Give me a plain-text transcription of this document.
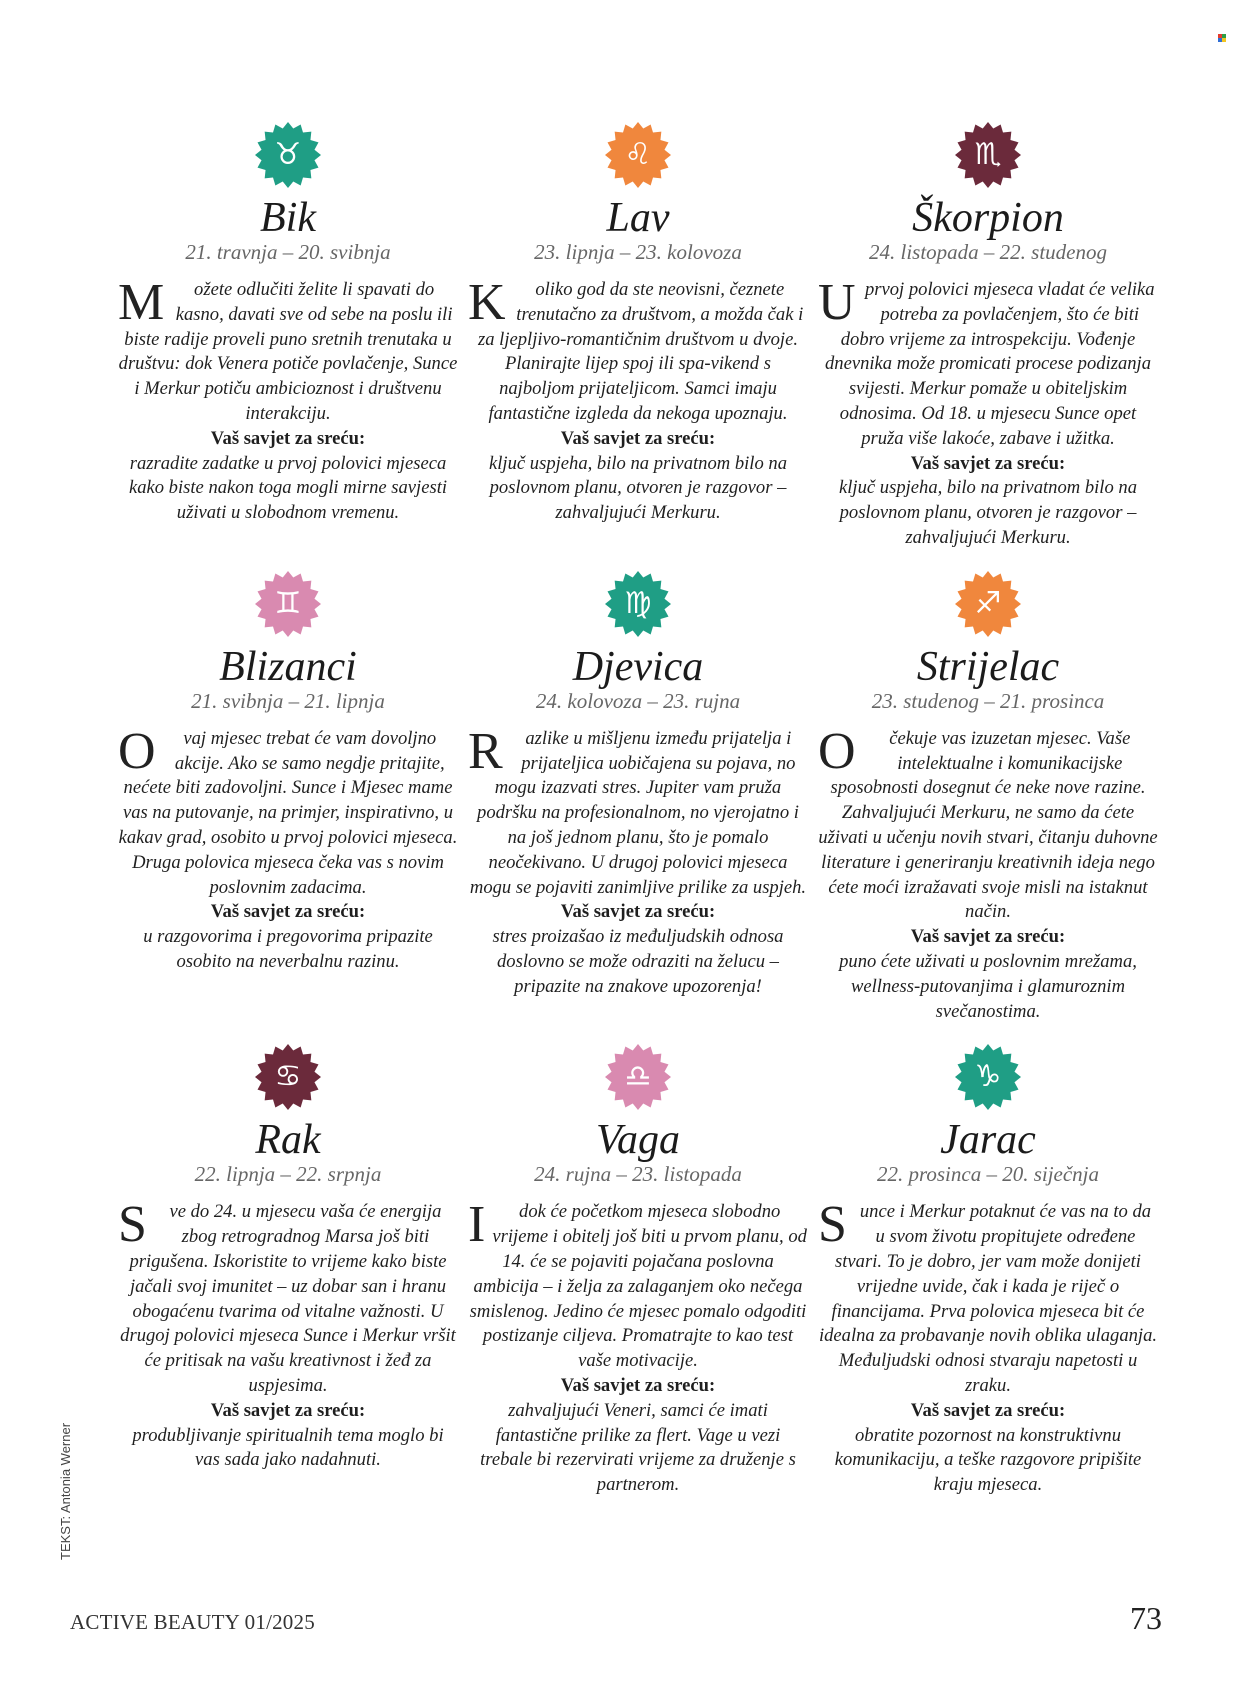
♉
Bik
21. travnja – 20. svibnja
M ožete odlučiti želite li spavati do kasno, davati sve od sebe na poslu ili biste radije proveli puno sretnih trenutaka u društvu: dok Venera potiče povlačenje, Sunce i Merkur potiču ambicioznost i društvenu interakciju.
Vaš savjet za sreću:
razradite zadatke u prvoj polovici mjeseca kako biste nakon toga mogli mirne savjesti uživati u slobodnom vremenu.
♌
Lav
23. lipnja – 23. kolovoza
K oliko god da ste neovisni, čeznete trenutačno za društvom, a možda čak i za ljepljivo-romantičnim društvom u dvoje. Planirajte lijep spoj ili spa-vikend s najboljom prijateljicom. Samci imaju fantastične izgleda da nekoga upoznaju.
Vaš savjet za sreću:
ključ uspjeha, bilo na privatnom bilo na poslovnom planu, otvoren je razgovor – zahvaljujući Merkuru.
♏
Škorpion
24. listopada – 22. studenog
Uprvoj polovici mjeseca vladat će velika potreba za povlačenjem, što će biti dobro vrijeme za introspekciju. Vođenje dnevnika može promicati procese podizanja svijesti. Merkur pomaže u obiteljskim odnosima. Od 18. u mjesecu Sunce opet pruža više lakoće, zabave i užitka.
Vaš savjet za sreću:
ključ uspjeha, bilo na privatnom bilo na poslovnom planu, otvoren je razgovor – zahvaljujući Merkuru.
♊
Blizanci
21. svibnja – 21. lipnja
O vaj mjesec trebat će vam dovoljno akcije. Ako se samo negdje pritajite, nećete biti zadovoljni. Sunce i Mjesec mame vas na putovanje, na primjer, inspirativno, u kakav grad, osobito u prvoj polovici mjeseca. Druga polovica mjeseca čeka vas s novim poslovnim zadacima.
Vaš savjet za sreću:
u razgovorima i pregovorima pripazite osobito na neverbalnu razinu.
♍
Djevica
24. kolovoza – 23. rujna
R azlike u mišljenu između prijatelja i prijateljica uobičajena su pojava, no mogu izazvati stres. Jupiter vam pruža podršku na profesionalnom, no vjerojatno i na još jednom planu, što je pomalo neočekivano. U drugoj polovici mjeseca mogu se pojaviti zanimljive prilike za uspjeh.
Vaš savjet za sreću:
stres proizašao iz međuljudskih odnosa doslovno se može odraziti na želucu – pripazite na znakove upozorenja!
♐
Strijelac
23. studenog – 21. prosinca
O čekuje vas izuzetan mjesec. Vaše intelektualne i komunikacijske sposobnosti dosegnut će neke nove razine. Zahvaljujući Merkuru, ne samo da ćete uživati u učenju novih stvari, čitanju duhovne literature i generiranju kreativnih ideja nego ćete moći izražavati svoje misli na istaknut način.
Vaš savjet za sreću:
puno ćete uživati u poslovnim mrežama, wellness-putovanjima i glamuroznim svečanostima.
♋
Rak
22. lipnja – 22. srpnja
S ve do 24. u mjesecu vaša će energija zbog retrogradnog Marsa još biti prigušena. Iskoristite to vrijeme kako biste jačali svoj imunitet – uz dobar san i hranu obogaćenu tvarima od vitalne važnosti. U drugoj polovici mjeseca Sunce i Merkur vršit će pritisak na vašu kreativnost i žeđ za uspjesima.
Vaš savjet za sreću:
produbljivanje spiritualnih tema moglo bi vas sada jako nadahnuti.
♎
Vaga
24. rujna – 23. listopada
I dok će početkom mjeseca slobodno vrijeme i obitelj još biti u prvom planu, od 14. će se pojaviti pojačana poslovna ambicija – i želja za zalaganjem oko nečega smislenog. Jedino će mjesec pomalo odgoditi postizanje ciljeva. Promatrajte to kao test vaše motivacije.
Vaš savjet za sreću:
zahvaljujući Veneri, samci će imati fantastične prilike za flert. Vage u vezi trebale bi rezervirati vrijeme za druženje s partnerom.
♑
Jarac
22. prosinca – 20. siječnja
Sunce i Merkur potaknut će vas na to da u svom životu propitujete određene stvari. To je dobro, jer vam može donijeti vrijedne uvide, čak i kada je riječ o financijama. Prva polovica mjeseca bit će idealna za probavanje novih oblika ulaganja. Međuljudski odnosi stvaraju napetosti u zraku.
Vaš savjet za sreću:
obratite pozornost na konstruktivnu komunikaciju, a teške razgovore pripišite kraju mjeseca.
TEKST: Antonia Werner
ACTIVE BEAUTY 01/2025	73
